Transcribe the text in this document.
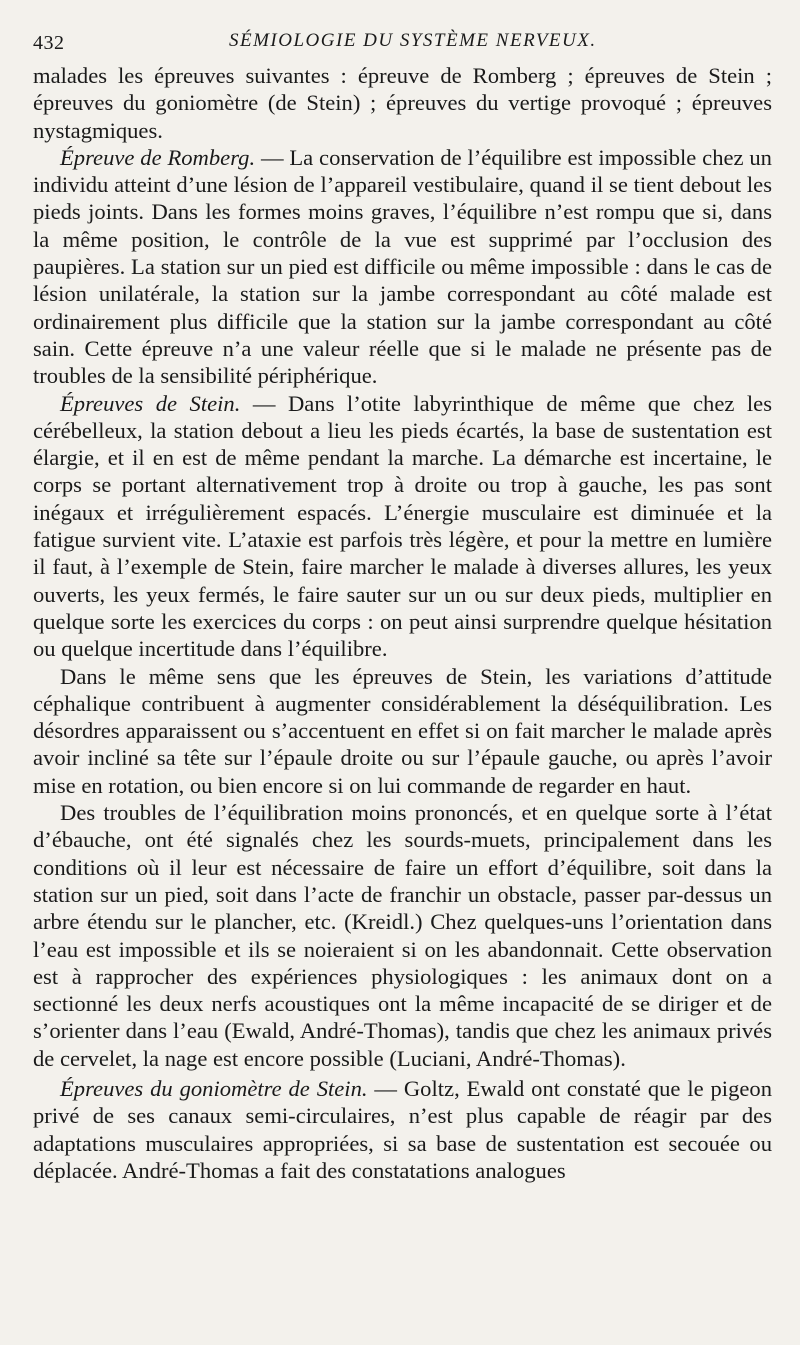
432	SÉMIOLOGIE DU SYSTÈME NERVEUX.

malades les épreuves suivantes : épreuve de Romberg ; épreuves de Stein ; épreuves du goniomètre (de Stein) ; épreuves du vertige provoqué ; épreuves nystagmiques.

Épreuve de Romberg. — La conservation de l’équilibre est impossible chez un individu atteint d’une lésion de l’appareil vestibulaire, quand il se tient debout les pieds joints. Dans les formes moins graves, l’équilibre n’est rompu que si, dans la même position, le contrôle de la vue est supprimé par l’occlusion des paupières. La station sur un pied est difficile ou même impossible : dans le cas de lésion unilatérale, la station sur la jambe correspondant au côté malade est ordinairement plus difficile que la station sur la jambe correspondant au côté sain. Cette épreuve n’a une valeur réelle que si le malade ne présente pas de troubles de la sensibilité périphérique.

Épreuves de Stein. — Dans l’otite labyrinthique de même que chez les cérébelleux, la station debout a lieu les pieds écartés, la base de sustentation est élargie, et il en est de même pendant la marche. La démarche est incertaine, le corps se portant alternativement trop à droite ou trop à gauche, les pas sont inégaux et irrégulièrement espacés. L’énergie musculaire est diminuée et la fatigue survient vite. L’ataxie est parfois très légère, et pour la mettre en lumière il faut, à l’exemple de Stein, faire marcher le malade à diverses allures, les yeux ouverts, les yeux fermés, le faire sauter sur un ou sur deux pieds, multiplier en quelque sorte les exercices du corps : on peut ainsi surprendre quelque hésitation ou quelque incertitude dans l’équilibre.

Dans le même sens que les épreuves de Stein, les variations d’attitude céphalique contribuent à augmenter considérablement la déséquilibration. Les désordres apparaissent ou s’accentuent en effet si on fait marcher le malade après avoir incliné sa tête sur l’épaule droite ou sur l’épaule gauche, ou après l’avoir mise en rotation, ou bien encore si on lui commande de regarder en haut.

Des troubles de l’équilibration moins prononcés, et en quelque sorte à l’état d’ébauche, ont été signalés chez les sourds-muets, principalement dans les conditions où il leur est nécessaire de faire un effort d’équilibre, soit dans la station sur un pied, soit dans l’acte de franchir un obstacle, passer par-dessus un arbre étendu sur le plancher, etc. (Kreidl.) Chez quelques-uns l’orientation dans l’eau est impossible et ils se noieraient si on les abandonnait. Cette observation est à rapprocher des expériences physiologiques : les animaux dont on a sectionné les deux nerfs acoustiques ont la même incapacité de se diriger et de s’orienter dans l’eau (Ewald, André-Thomas), tandis que chez les animaux privés de cervelet, la nage est encore possible (Luciani, André-Thomas).

Épreuves du goniomètre de Stein. — Goltz, Ewald ont constaté que le pigeon privé de ses canaux semi-circulaires, n’est plus capable de réagir par des adaptations musculaires appropriées, si sa base de sustentation est secouée ou déplacée. André-Thomas a fait des constatations analogues
